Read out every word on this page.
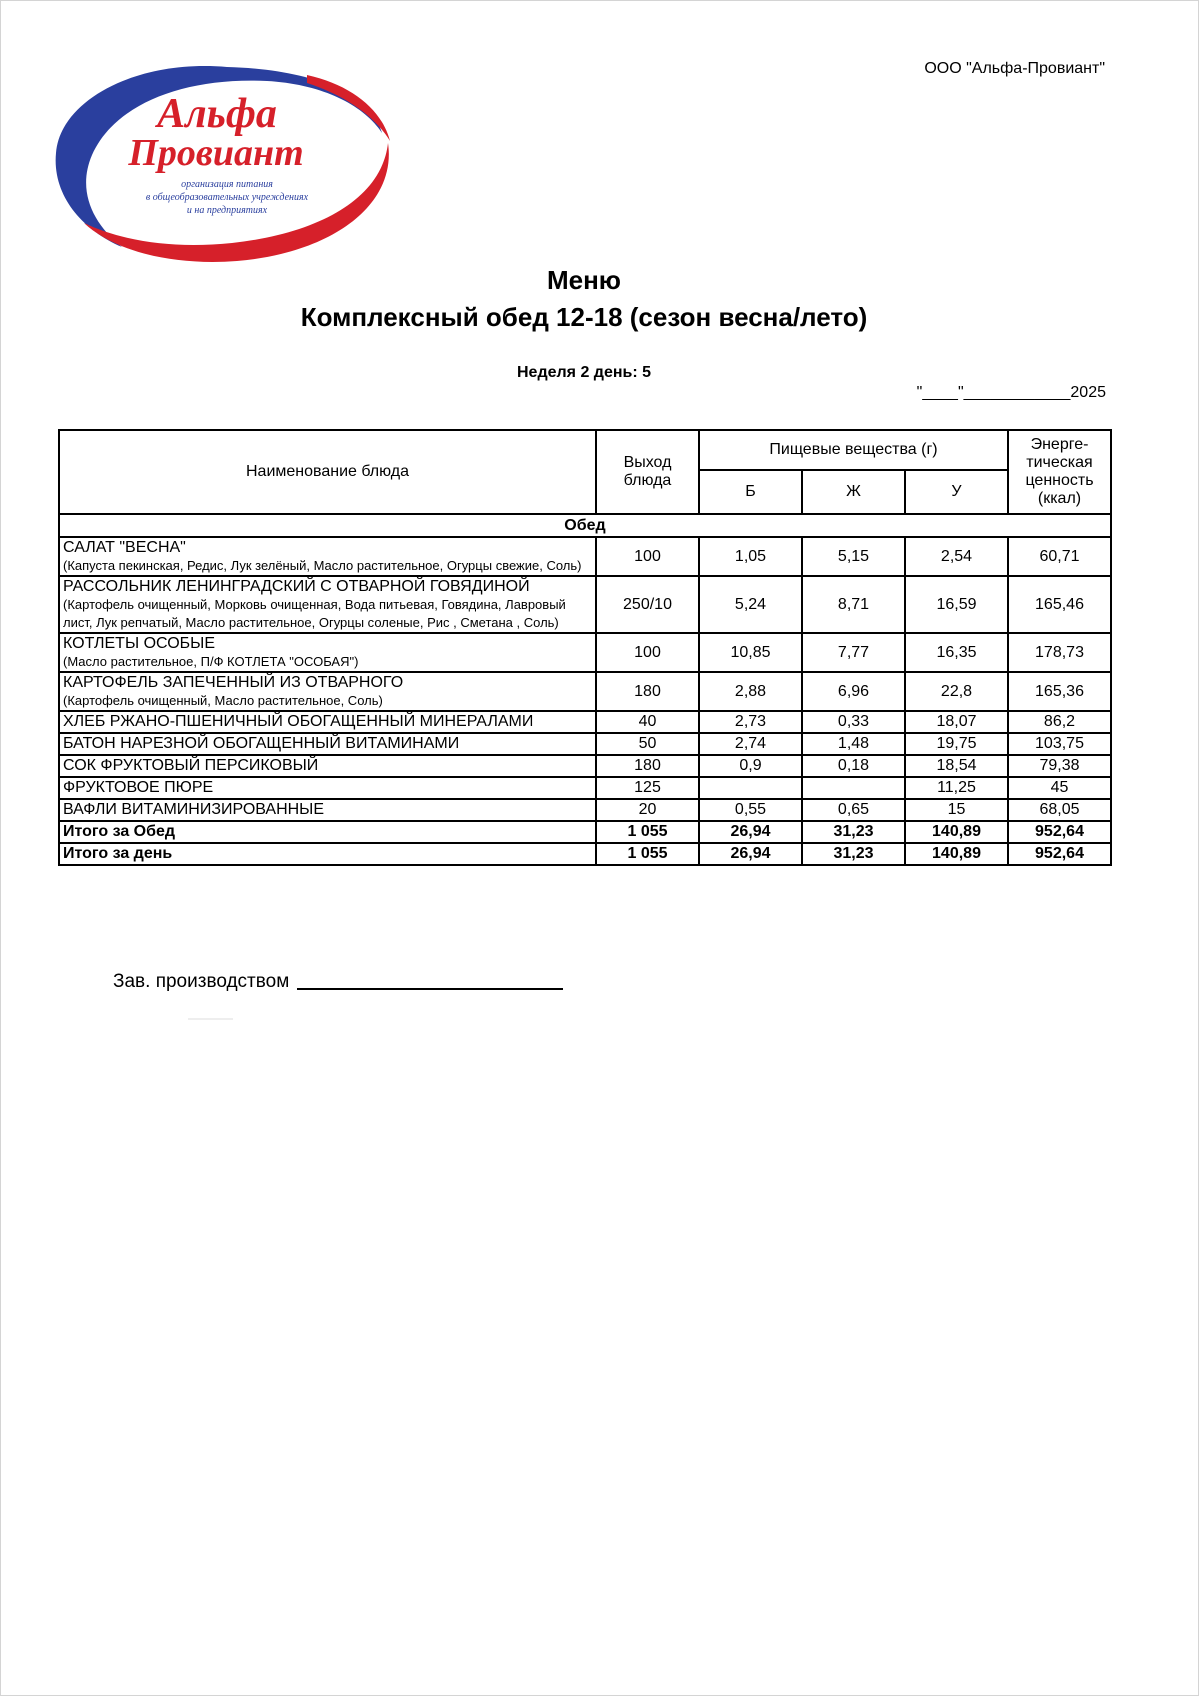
ООО "Альфа-Провиант"
Альфа
Провиант
организация питания
в общеобразовательных учреждениях
и на предприятиях
Меню
Комплексный обед 12-18 (сезон весна/лето)
Неделя 2 день: 5
"____"____________2025
Наименование блюда	Выход блюда	Пищевые вещества (г)			Энерге-тическая ценность (ккал)
		Б	Ж	У	
Обед					

САЛАТ "ВЕСНА"
(Капуста пекинская, Редис, Лук зелёный, Масло растительное, Огурцы свежие, Соль)	100	1,05	5,15	2,54	60,71

РАССОЛЬНИК ЛЕНИНГРАДСКИЙ С ОТВАРНОЙ ГОВЯДИНОЙ
(Картофель очищенный, Морковь очищенная, Вода питьевая, Говядина, Лавровый лист, Лук репчатый, Масло растительное, Огурцы соленые, Рис , Сметана , Соль)	250/10	5,24	8,71	16,59	165,46

КОТЛЕТЫ ОСОБЫЕ
(Масло растительное, П/Ф КОТЛЕТА "ОСОБАЯ")	100	10,85	7,77	16,35	178,73

КАРТОФЕЛЬ ЗАПЕЧЕННЫЙ ИЗ ОТВАРНОГО
(Картофель очищенный, Масло растительное, Соль)	180	2,88	6,96	22,8	165,36
ХЛЕБ РЖАНО-ПШЕНИЧНЫЙ ОБОГАЩЕННЫЙ МИНЕРАЛАМИ	40	2,73	0,33	18,07	86,2
БАТОН НАРЕЗНОЙ ОБОГАЩЕННЫЙ ВИТАМИНАМИ	50	2,74	1,48	19,75	103,75
СОК ФРУКТОВЫЙ ПЕРСИКОВЫЙ	180	0,9	0,18	18,54	79,38
ФРУКТОВОЕ ПЮРЕ	125			11,25	45
ВАФЛИ ВИТАМИНИЗИРОВАННЫЕ	20	0,55	0,65	15	68,05
Итого за Обед	1 055	26,94	31,23	140,89	952,64
Итого за день	1 055	26,94	31,23	140,89	952,64
Зав. производством
